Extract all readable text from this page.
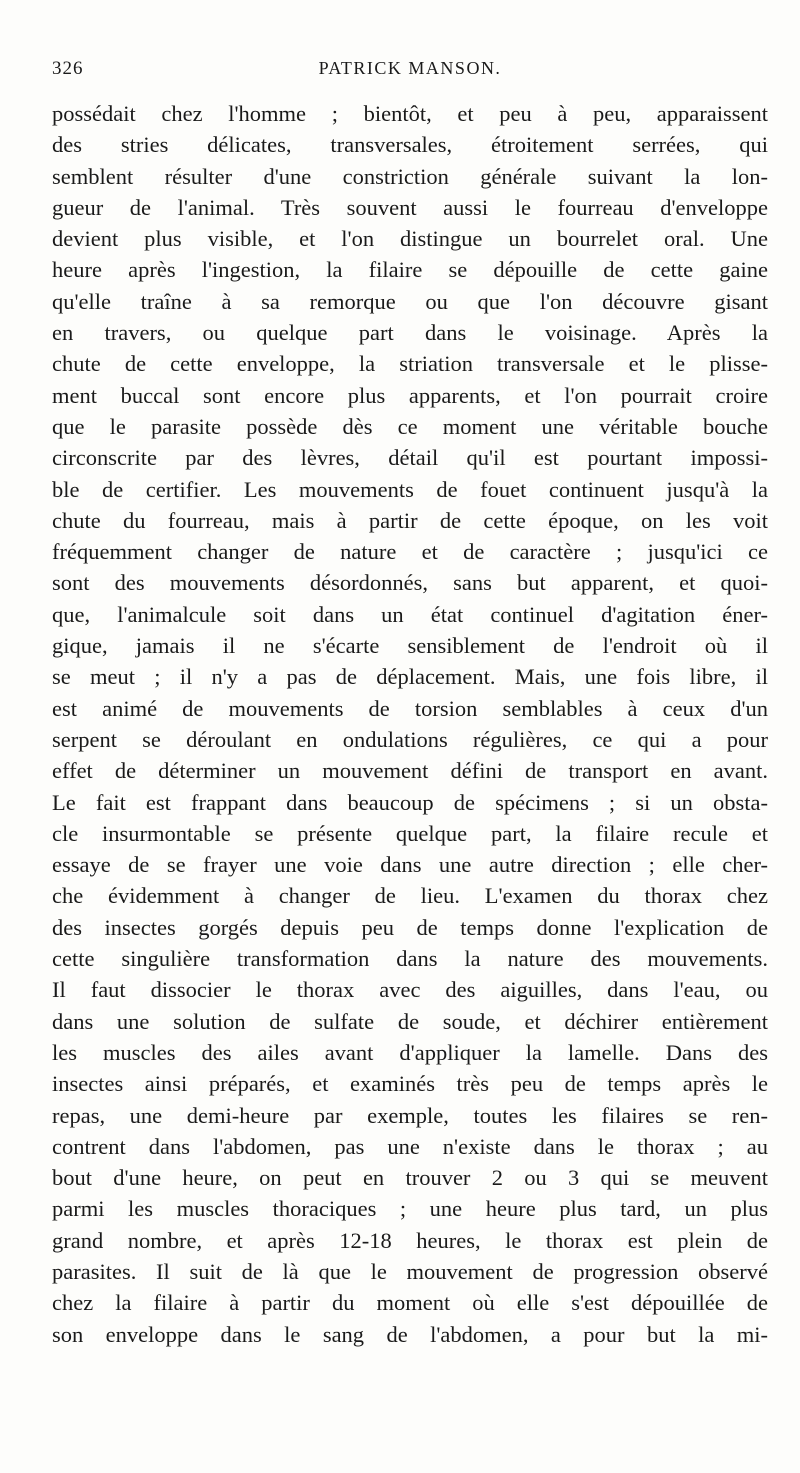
326	PATRICK MANSON.
possédait chez l'homme ; bientôt, et peu à peu, apparaissent
des stries délicates, transversales, étroitement serrées, qui
semblent résulter d'une constriction générale suivant la lon-
gueur de l'animal. Très souvent aussi le fourreau d'enveloppe
devient plus visible, et l'on distingue un bourrelet oral. Une
heure après l'ingestion, la filaire se dépouille de cette gaine
qu'elle traîne à sa remorque ou que l'on découvre gisant
en travers, ou quelque part dans le voisinage. Après la
chute de cette enveloppe, la striation transversale et le plisse-
ment buccal sont encore plus apparents, et l'on pourrait croire
que le parasite possède dès ce moment une véritable bouche
circonscrite par des lèvres, détail qu'il est pourtant impossi-
ble de certifier. Les mouvements de fouet continuent jusqu'à la
chute du fourreau, mais à partir de cette époque, on les voit
fréquemment changer de nature et de caractère ; jusqu'ici ce
sont des mouvements désordonnés, sans but apparent, et quoi-
que, l'animalcule soit dans un état continuel d'agitation éner-
gique, jamais il ne s'écarte sensiblement de l'endroit où il
se meut ; il n'y a pas de déplacement. Mais, une fois libre, il
est animé de mouvements de torsion semblables à ceux d'un
serpent se déroulant en ondulations régulières, ce qui a pour
effet de déterminer un mouvement défini de transport en avant.
Le fait est frappant dans beaucoup de spécimens ; si un obsta-
cle insurmontable se présente quelque part, la filaire recule et
essaye de se frayer une voie dans une autre direction ; elle cher-
che évidemment à changer de lieu. L'examen du thorax chez
des insectes gorgés depuis peu de temps donne l'explication de
cette singulière transformation dans la nature des mouvements.
Il faut dissocier le thorax avec des aiguilles, dans l'eau, ou
dans une solution de sulfate de soude, et déchirer entièrement
les muscles des ailes avant d'appliquer la lamelle. Dans des
insectes ainsi préparés, et examinés très peu de temps après le
repas, une demi-heure par exemple, toutes les filaires se ren-
contrent dans l'abdomen, pas une n'existe dans le thorax ; au
bout d'une heure, on peut en trouver 2 ou 3 qui se meuvent
parmi les muscles thoraciques ; une heure plus tard, un plus
grand nombre, et après 12-18 heures, le thorax est plein de
parasites. Il suit de là que le mouvement de progression observé
chez la filaire à partir du moment où elle s'est dépouillée de
son enveloppe dans le sang de l'abdomen, a pour but la mi-
